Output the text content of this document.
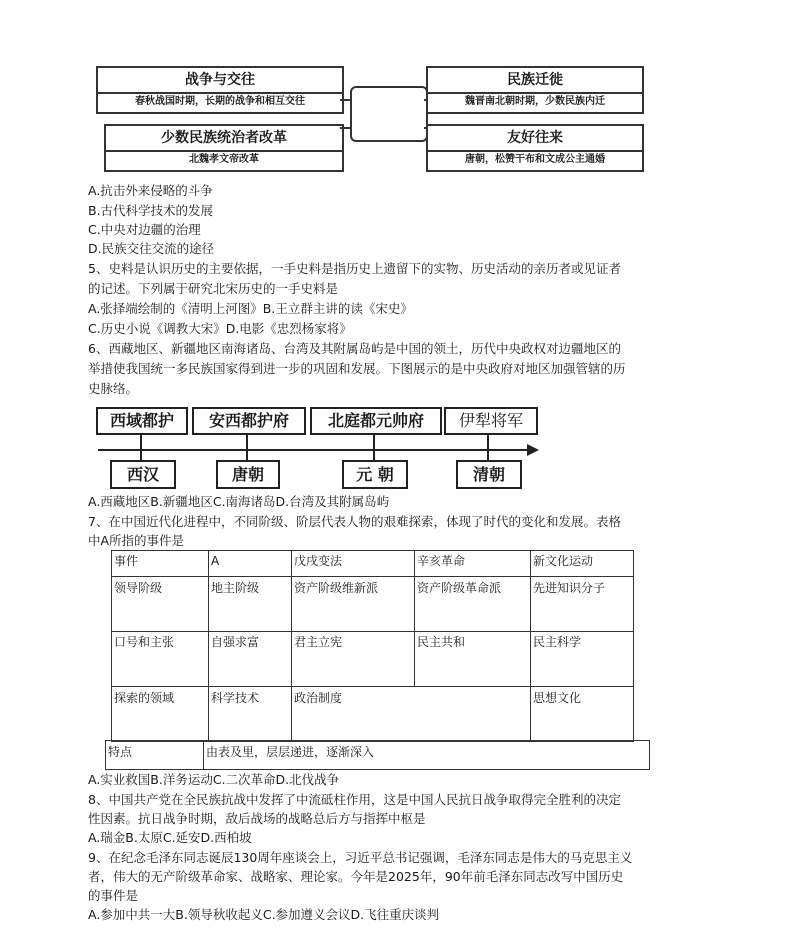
战争与交往
春秋战国时期，长期的战争和相互交往
民族迁徙
魏晋南北朝时期，少数民族内迁
少数民族统治者改革
北魏孝文帝改革
友好往来
唐朝，松赞干布和文成公主通婚
A.抗击外来侵略的斗争
B.古代科学技术的发展
C.中央对边疆的治理
D.民族交往交流的途径
5、史料是认识历史的主要依据，一手史料是指历史上遗留下的实物、历史活动的亲历者或见证者
的记述。下列属于研究北宋历史的一手史料是
A.张择端绘制的《清明上河图》B.王立群主讲的读《宋史》
C.历史小说《调教大宋》D.电影《忠烈杨家将》
6、西藏地区、新疆地区南海诸岛、台湾及其附属岛屿是中国的领土，历代中央政权对边疆地区的
举措使我国统一多民族国家得到进一步的巩固和发展。下图展示的是中央政府对地区加强管辖的历
史脉络。
西域都护	安西都护府	北庭都元帅府	伊犁将军
西汉	唐朝	元 朝	清朝
A.西藏地区B.新疆地区C.南海诸岛D.台湾及其附属岛屿
7、在中国近代化进程中，不同阶级、阶层代表人物的艰难探索，体现了时代的变化和发展。表格
中A所指的事件是
事件	A	戊戌变法	辛亥革命	新文化运动
领导阶级	地主阶级	资产阶级维新派	资产阶级革命派	先进知识分子
口号和主张	自强求富	君主立宪	民主共和	民主科学
探索的领域	科学技术	政治制度	思想文化
特点	由表及里，层层递进，逐渐深入
A.实业救国B.洋务运动C.二次革命D.北伐战争
8、中国共产党在全民族抗战中发挥了中流砥柱作用，这是中国人民抗日战争取得完全胜利的决定
性因素。抗日战争时期，敌后战场的战略总后方与指挥中枢是
A.瑞金B.太原C.延安D.西柏坡
9、在纪念毛泽东同志诞辰130周年座谈会上，习近平总书记强调，毛泽东同志是伟大的马克思主义
者，伟大的无产阶级革命家、战略家、理论家。今年是2025年，90年前毛泽东同志改写中国历史
的事件是
A.参加中共一大B.领导秋收起义C.参加遵义会议D.飞往重庆谈判
